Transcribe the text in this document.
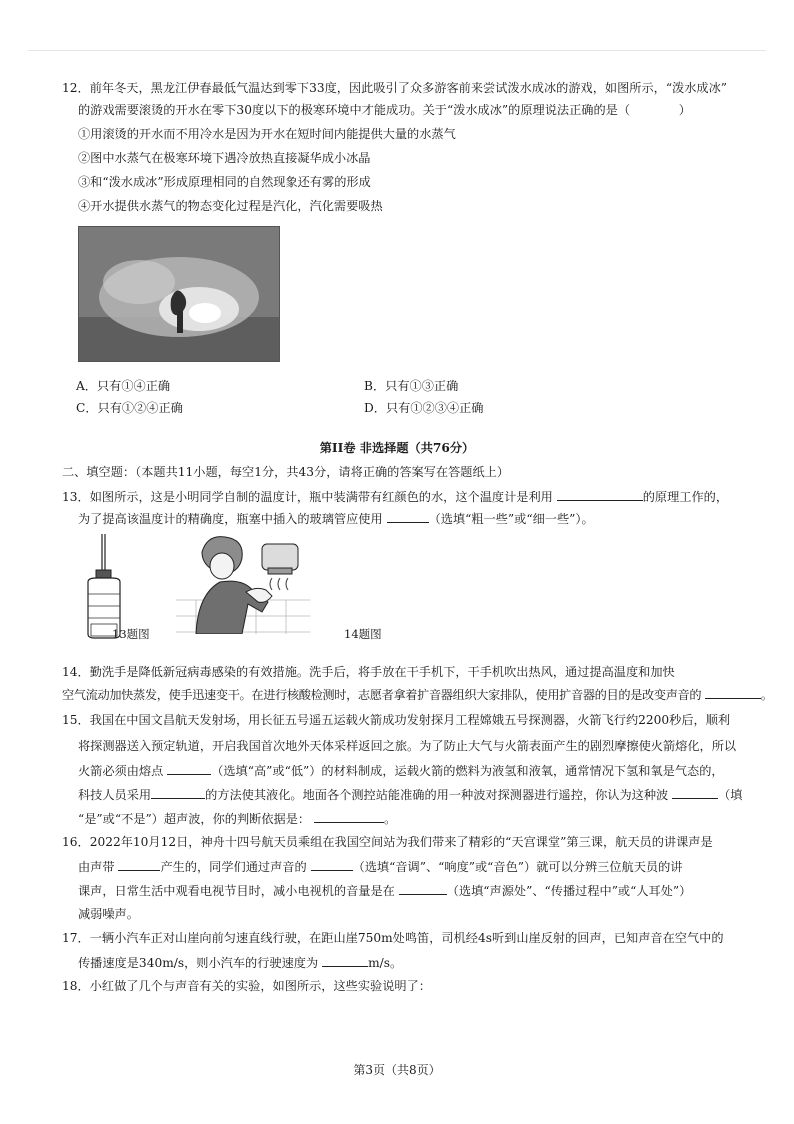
12．前年冬天，黑龙江伊春最低气温达到零下33度，因此吸引了众多游客前来尝试泼水成冰的游戏，如图所示，“泼水成冰”
的游戏需要滚烫的开水在零下30度以下的极寒环境中才能成功。关于“泼水成冰”的原理说法正确的是（　　　　）
①用滚烫的开水而不用冷水是因为开水在短时间内能提供大量的水蒸气
②图中水蒸气在极寒环境下遇冷放热直接凝华成小冰晶
③和“泼水成冰”形成原理相同的自然现象还有雾的形成
④开水提供水蒸气的物态变化过程是汽化，汽化需要吸热
A．只有①④正确	B．只有①③正确
C．只有①②④正确	D．只有①②③④正确
第II卷 非选择题（共76分）
二、填空题：（本题共11小题，每空1分，共43分，请将正确的答案写在答题纸上）
13．如图所示，这是小明同学自制的温度计，瓶中装满带有红颜色的水，这个温度计是利用	的原理工作的，
为了提高该温度计的精确度，瓶塞中插入的玻璃管应使用	（选填“粗一些”或“细一些”）。
13题图	14题图
14．勤洗手是降低新冠病毒感染的有效措施。洗手后，将手放在干手机下，干手机吹出热风，通过提高温度和加快
空气流动加快蒸发，使手迅速变干。在进行核酸检测时，志愿者拿着扩音器组织大家排队，使用扩音器的目的是改变声音的	。
15．我国在中国文昌航天发射场，用长征五号遥五运载火箭成功发射探月工程嫦娥五号探测器，火箭飞行约2200秒后，顺利
将探测器送入预定轨道，开启我国首次地外天体采样返回之旅。为了防止大气与火箭表面产生的剧烈摩擦使火箭熔化，所以
火箭必须由熔点	（选填“高”或“低”）的材料制成，运载火箭的燃料为液氢和液氧，通常情况下氢和氧是气态的，
科技人员采用	的方法使其液化。地面各个测控站能准确的用一种波对探测器进行遥控，你认为这种波	（填
“是”或“不是”）超声波，你的判断依据是：	。
16．2022年10月12日，神舟十四号航天员乘组在我国空间站为我们带来了精彩的“天宫课堂”第三课，航天员的讲课声是
由声带	产生的，同学们通过声音的	（选填“音调”、“响度”或“音色”）就可以分辨三位航天员的讲
课声，日常生活中观看电视节目时，减小电视机的音量是在	（选填“声源处”、“传播过程中”或“人耳处”）
减弱噪声。
17．一辆小汽车正对山崖向前匀速直线行驶，在距山崖750m处鸣笛，司机经4s听到山崖反射的回声，已知声音在空气中的
传播速度是340m/s，则小汽车的行驶速度为	m/s。
18．小红做了几个与声音有关的实验，如图所示，这些实验说明了：
第3页（共8页）
